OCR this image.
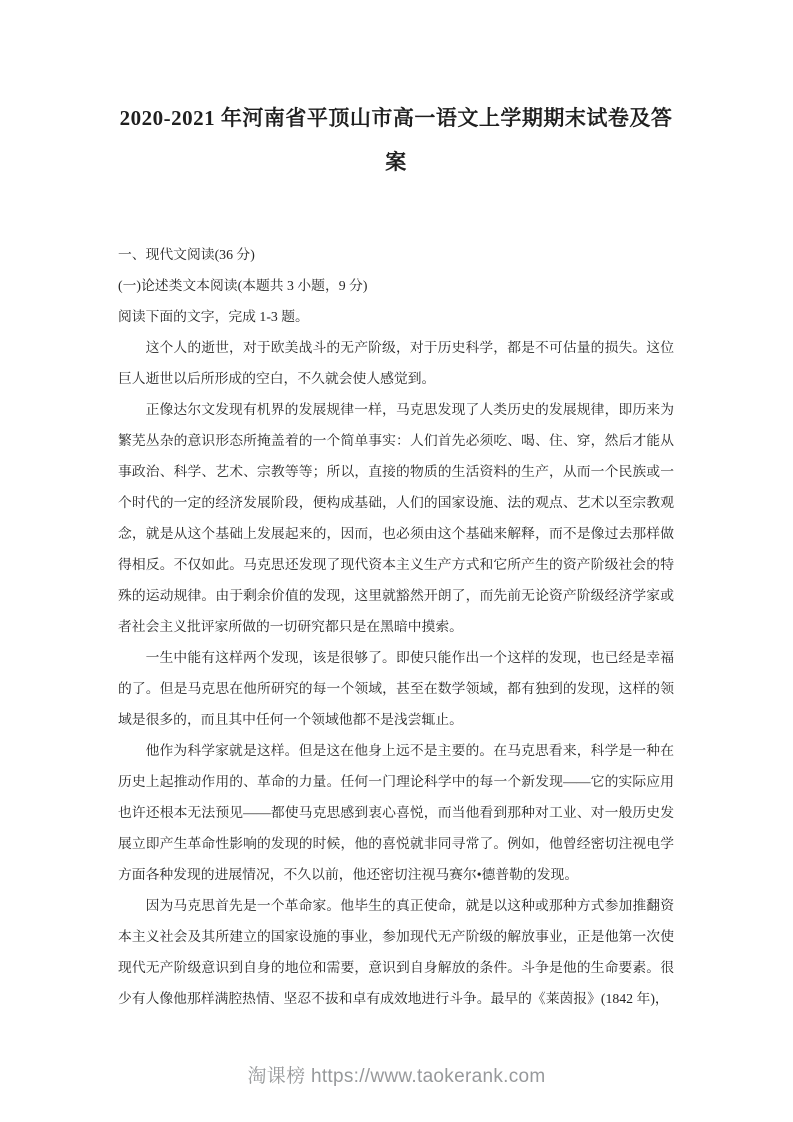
2020-2021 年河南省平顶山市高一语文上学期期末试卷及答案
一、现代文阅读(36 分)
(一)论述类文本阅读(本题共 3 小题，9 分)
阅读下面的文字，完成 1-3 题。

这个人的逝世，对于欧美战斗的无产阶级，对于历史科学，都是不可估量的损失。这位巨人逝世以后所形成的空白，不久就会使人感觉到。

正像达尔文发现有机界的发展规律一样，马克思发现了人类历史的发展规律，即历来为繁芜丛杂的意识形态所掩盖着的一个简单事实：人们首先必须吃、喝、住、穿，然后才能从事政治、科学、艺术、宗教等等；所以，直接的物质的生活资料的生产，从而一个民族或一个时代的一定的经济发展阶段，便构成基础，人们的国家设施、法的观点、艺术以至宗教观念，就是从这个基础上发展起来的，因而，也必须由这个基础来解释，而不是像过去那样做得相反。不仅如此。马克思还发现了现代资本主义生产方式和它所产生的资产阶级社会的特殊的运动规律。由于剩余价值的发现，这里就豁然开朗了，而先前无论资产阶级经济学家或者社会主义批评家所做的一切研究都只是在黑暗中摸索。

一生中能有这样两个发现，该是很够了。即使只能作出一个这样的发现，也已经是幸福的了。但是马克思在他所研究的每一个领域，甚至在数学领域，都有独到的发现，这样的领域是很多的，而且其中任何一个领域他都不是浅尝辄止。

他作为科学家就是这样。但是这在他身上远不是主要的。在马克思看来，科学是一种在历史上起推动作用的、革命的力量。任何一门理论科学中的每一个新发现——它的实际应用也许还根本无法预见——都使马克思感到衷心喜悦，而当他看到那种对工业、对一般历史发展立即产生革命性影响的发现的时候，他的喜悦就非同寻常了。例如，他曾经密切注视电学方面各种发现的进展情况，不久以前，他还密切注视马赛尔•德普勒的发现。

因为马克思首先是一个革命家。他毕生的真正使命，就是以这种或那种方式参加推翻资本主义社会及其所建立的国家设施的事业，参加现代无产阶级的解放事业，正是他第一次使现代无产阶级意识到自身的地位和需要，意识到自身解放的条件。斗争是他的生命要素。很少有人像他那样满腔热情、坚忍不拔和卓有成效地进行斗争。最早的《莱茵报》(1842 年)，

淘课榜 https://www.taokerank.com
